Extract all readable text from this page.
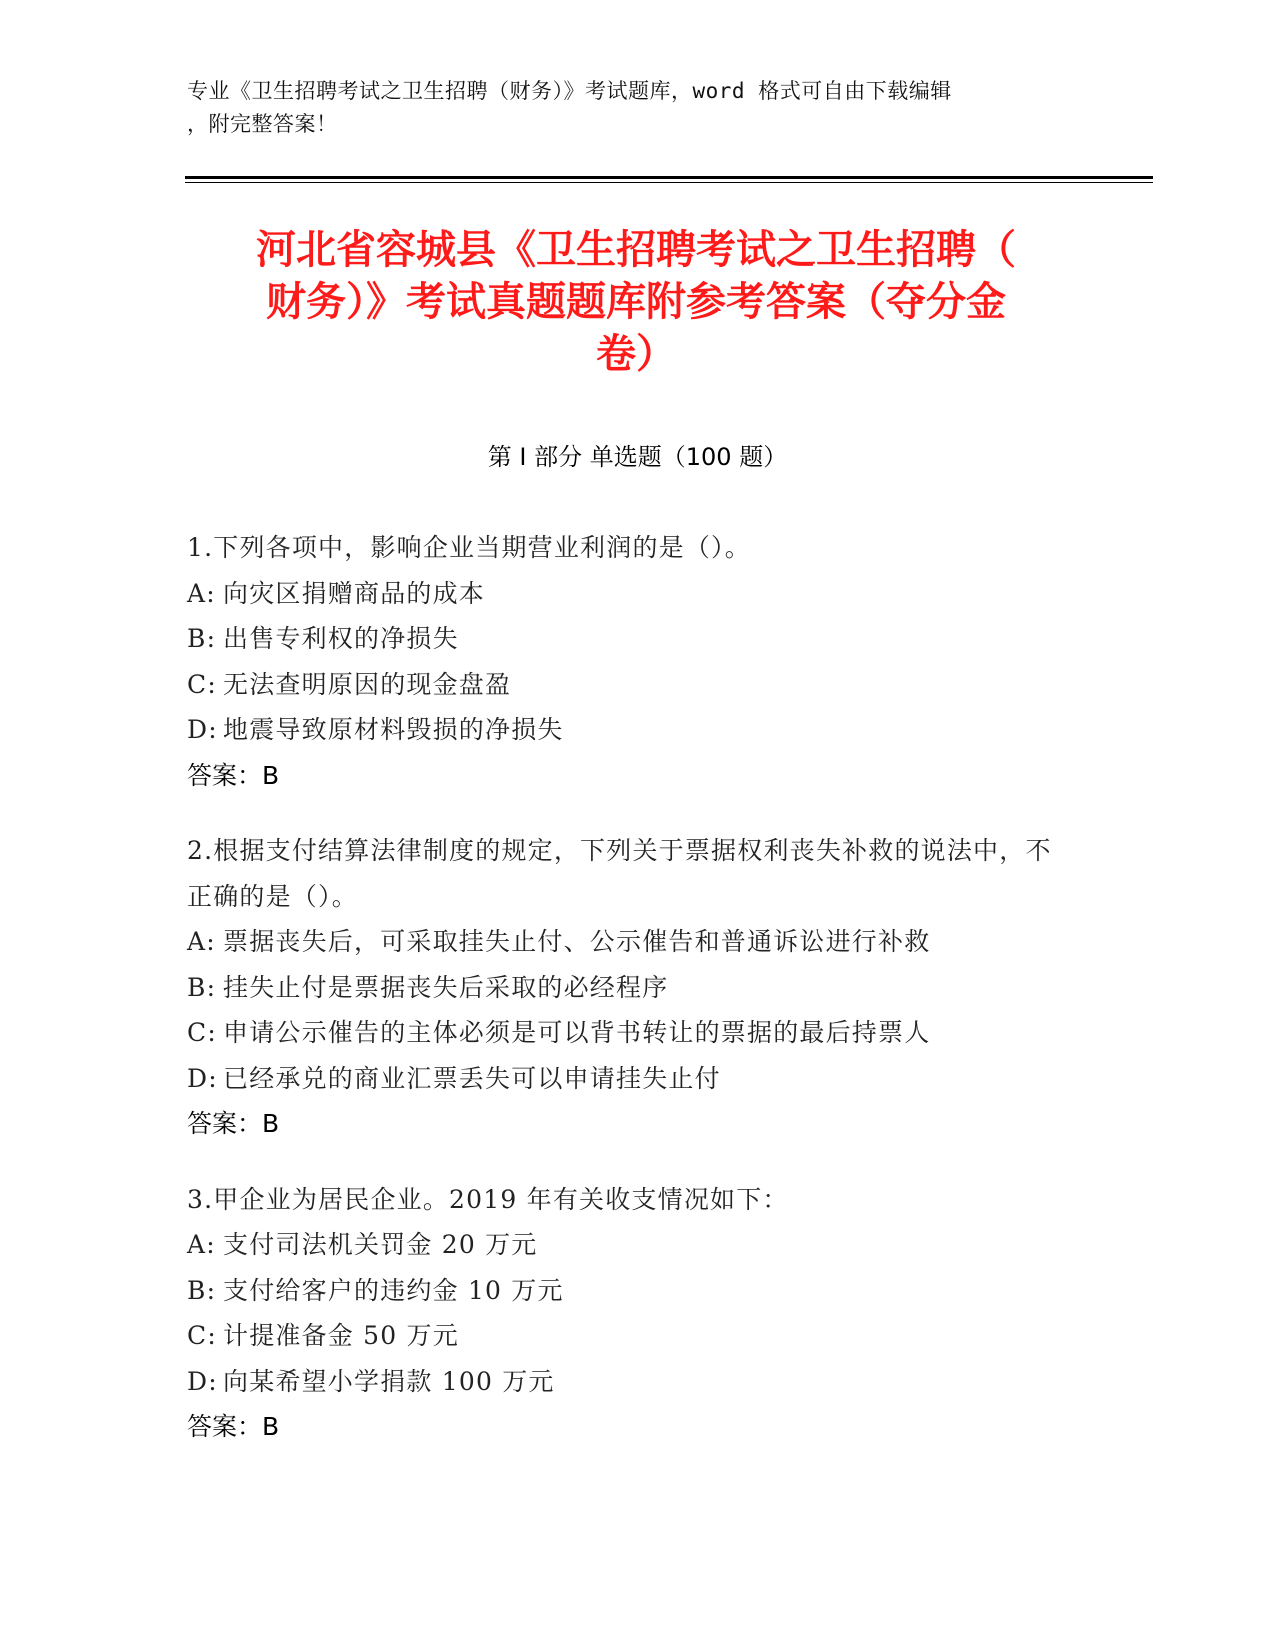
专业《卫生招聘考试之卫生招聘（财务）》考试题库，word 格式可自由下载编辑
，附完整答案！
河北省容城县《卫生招聘考试之卫生招聘（
财务）》考试真题题库附参考答案（夺分金
卷）
第 I 部分 单选题（100 题）
1.下列各项中，影响企业当期营业利润的是（）。
A: 向灾区捐赠商品的成本
B: 出售专利权的净损失
C: 无法查明原因的现金盘盈
D: 地震导致原材料毁损的净损失
答案：B
2.根据支付结算法律制度的规定，下列关于票据权利丧失补救的说法中，不正确的是（）。
A: 票据丧失后，可采取挂失止付、公示催告和普通诉讼进行补救
B: 挂失止付是票据丧失后采取的必经程序
C: 申请公示催告的主体必须是可以背书转让的票据的最后持票人
D: 已经承兑的商业汇票丢失可以申请挂失止付
答案：B
3.甲企业为居民企业。2019 年有关收支情况如下：
A: 支付司法机关罚金 20 万元
B: 支付给客户的违约金 10 万元
C: 计提准备金 50 万元
D: 向某希望小学捐款 100 万元
答案：B
